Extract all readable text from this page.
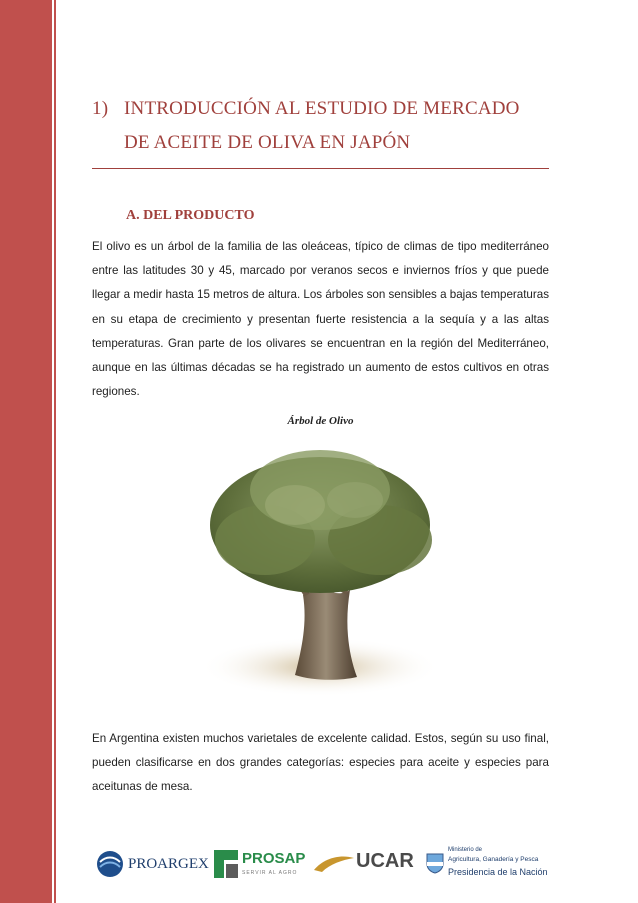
1) INTRODUCCIÓN AL ESTUDIO DE MERCADO
DE ACEITE DE OLIVA EN JAPÓN
A. DEL PRODUCTO
El olivo es un árbol de la familia de las oleáceas, típico de climas de tipo mediterráneo entre las latitudes 30 y 45, marcado por veranos secos e inviernos fríos y que puede llegar a medir hasta 15 metros de altura. Los árboles son sensibles a bajas temperaturas en su etapa de crecimiento y presentan fuerte resistencia a la sequía y a las altas temperaturas. Gran parte de los olivares se encuentran en la región del Mediterráneo, aunque en las últimas décadas se ha registrado un aumento de estos cultivos en otras regiones.
Árbol de Olivo
En Argentina existen muchos varietales de excelente calidad. Estos, según su uso final, pueden clasificarse en dos grandes categorías: especies para aceite y especies para aceitunas de mesa.
PROARGEX PROSAP
SERVIR AL AGRO
UCAR	Ministerio de
Agricultura, Ganadería y Pesca
Presidencia de la Nación
